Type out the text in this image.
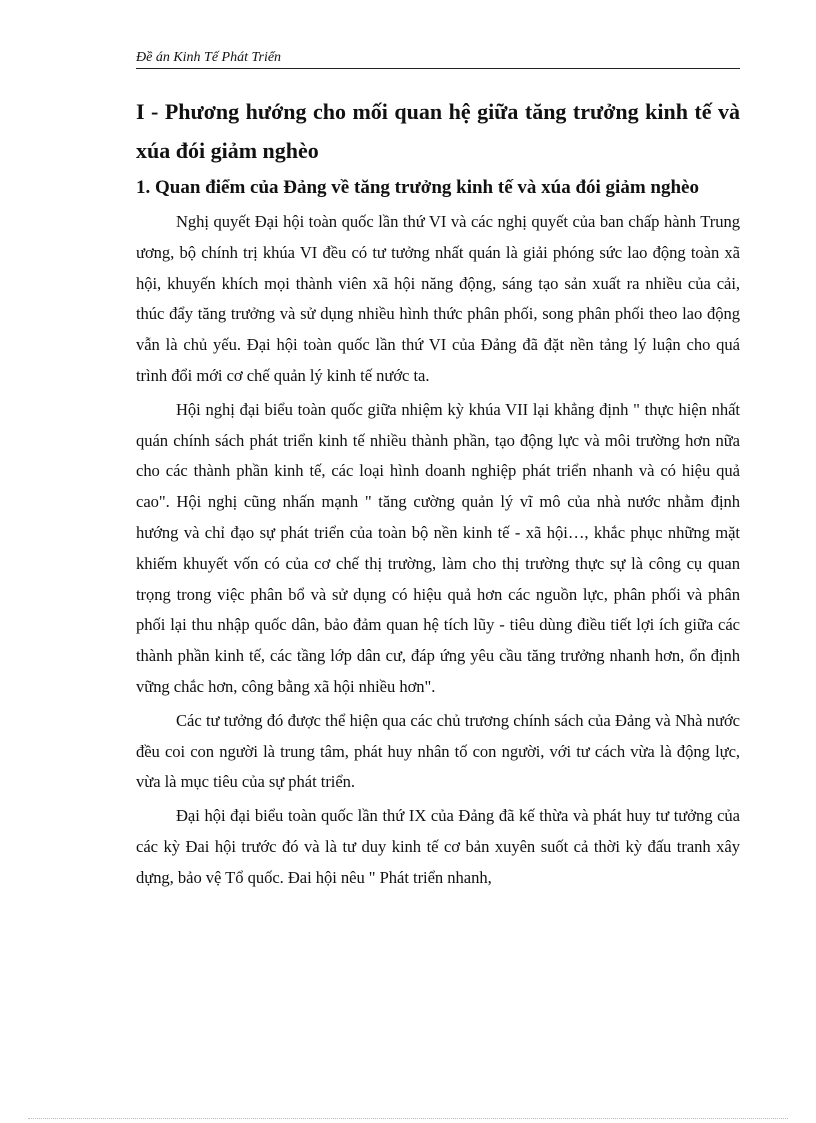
Đề án Kinh Tế Phát Triển

I - Phương hướng cho mối quan hệ giữa tăng trưởng kinh tế và xúa đói giảm nghèo

1. Quan điểm của Đảng về tăng trưởng kinh tế và xúa đói giảm nghèo

Nghị quyết Đại hội toàn quốc lần thứ VI và các nghị quyết của ban chấp hành Trung ương, bộ chính trị khúa VI đều có tư tưởng nhất quán là giải phóng sức lao động toàn xã hội, khuyến khích mọi thành viên xã hội năng động, sáng tạo sản xuất ra nhiều của cải, thúc đẩy tăng trưởng và sử dụng nhiều hình thức phân phối, song phân phối theo lao động vẫn là chủ yếu. Đại hội toàn quốc lần thứ VI của Đảng đã đặt nền tảng lý luận cho quá trình đổi mới cơ chế quản lý kinh tế nước ta.

Hội nghị đại biểu toàn quốc giữa nhiệm kỳ khúa VII lại khẳng định " thực hiện nhất quán chính sách phát triển kinh tế nhiều thành phần, tạo động lực và môi trường hơn nữa cho các thành phần kinh tế, các loại hình doanh nghiệp phát triển nhanh và có hiệu quả cao". Hội nghị cũng nhấn mạnh " tăng cường quản lý vĩ mô của nhà nước nhằm định hướng và chỉ đạo sự phát triển của toàn bộ nền kinh tế - xã hội…, khắc phục những mặt khiếm khuyết vốn có của cơ chế thị trường, làm cho thị trường thực sự là công cụ quan trọng trong việc phân bổ và sử dụng có hiệu quả hơn các nguồn lực, phân phối và phân phối lại thu nhập quốc dân, bảo đảm quan hệ tích lũy - tiêu dùng điều tiết lợi ích giữa các thành phần kinh tế, các tầng lớp dân cư, đáp ứng yêu cầu tăng trưởng nhanh hơn, ổn định vững chắc hơn, công bằng xã hội nhiều hơn".

Các tư tưởng đó được thể hiện qua các chủ trương chính sách của Đảng và Nhà nước đều coi con người là trung tâm, phát huy nhân tố con người, với tư cách vừa là động lực, vừa là mục tiêu của sự phát triển.

Đại hội đại biểu toàn quốc lần thứ IX của Đảng đã kế thừa và phát huy tư tưởng của các kỳ Đai hội trước đó và là tư duy kinh tế cơ bản xuyên suốt cả thời kỳ đấu tranh xây dựng, bảo vệ Tổ quốc. Đai hội nêu " Phát triển nhanh,
